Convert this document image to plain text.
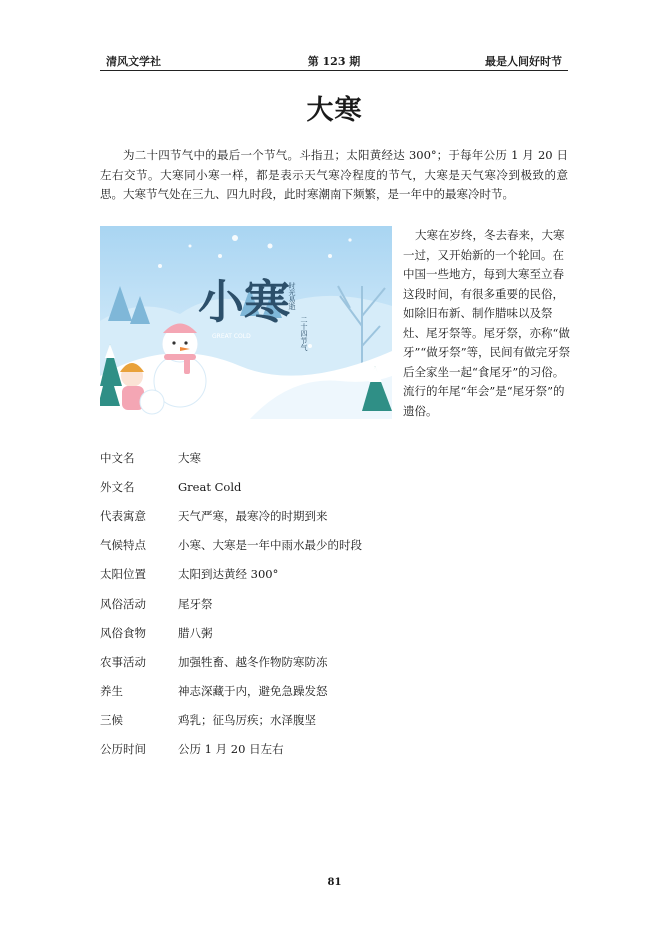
清风文学社	第 123 期	最是人间好时节
大寒

为二十四节气中的最后一个节气。斗指丑；太阳黄经达 300°；于每年公历 1 月 20 日左右交节。大寒同小寒一样，都是表示天气寒冷程度的节气，大寒是天气寒冷到极致的意思。大寒节气处在三九、四九时段，此时寒潮南下频繁，是一年中的最寒冷时节。

小寒
GREAT COLD
时光易逝
二十四节气

大寒在岁终，冬去春来，大寒一过，又开始新的一个轮回。在中国一些地方，每到大寒至立春这段时间，有很多重要的民俗，如除旧布新、制作腊味以及祭灶、尾牙祭等。尾牙祭，亦称“做牙”“做牙祭”等，民间有做完牙祭后全家坐一起“食尾牙”的习俗。流行的年尾“年会”是“尾牙祭”的遗俗。

中文名	大寒
外文名	Great Cold
代表寓意	天气严寒，最寒冷的时期到来
气候特点	小寒、大寒是一年中雨水最少的时段
太阳位置	太阳到达黄经 300°
风俗活动	尾牙祭
风俗食物	腊八粥
农事活动	加强牲畜、越冬作物防寒防冻
养生	神志深藏于内，避免急躁发怒
三候	鸡乳；征鸟厉疾；水泽腹坚
公历时间	公历 1 月 20 日左右
81
